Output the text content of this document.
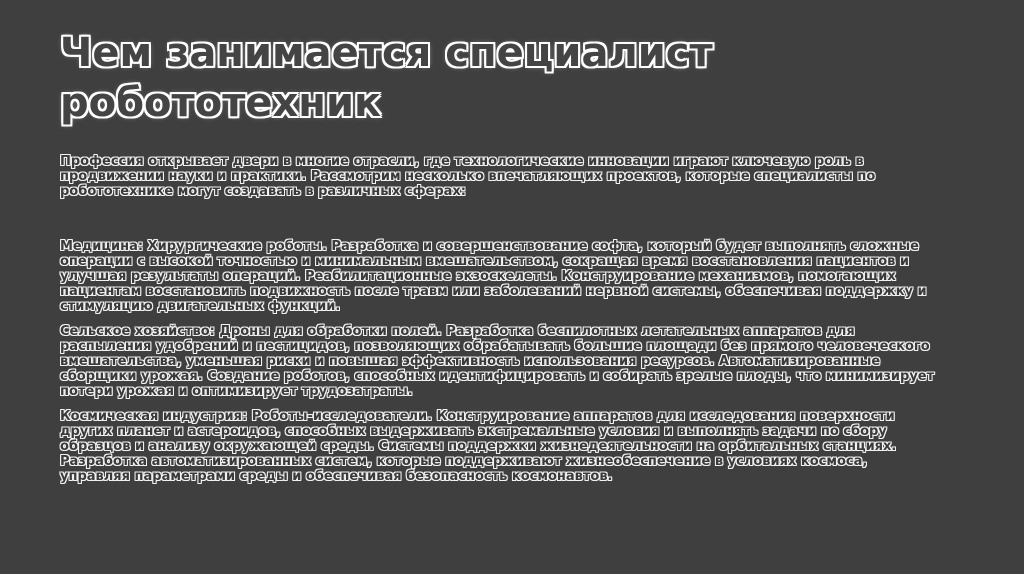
Чем занимается специалист робототехник

Профессия открывает двери в многие отрасли, где технологические инновации играют ключевую роль в продвижении науки и практики. Рассмотрим несколько впечатляющих проектов, которые специалисты по робототехнике могут создавать в различных сферах:

Медицина: Хирургические роботы. Разработка и совершенствование софта, который будет выполнять сложные операции с высокой точностью и минимальным вмешательством, сокращая время восстановления пациентов и улучшая результаты операций. Реабилитационные экзоскелеты. Конструирование механизмов, помогающих пациентам восстановить подвижность после травм или заболеваний нервной системы, обеспечивая поддержку и стимуляцию двигательных функций.

Сельское хозяйство: Дроны для обработки полей. Разработка беспилотных летательных аппаратов для распыления удобрений и пестицидов, позволяющих обрабатывать большие площади без прямого человеческого вмешательства, уменьшая риски и повышая эффективность использования ресурсов. Автоматизированные сборщики урожая. Создание роботов, способных идентифицировать и собирать зрелые плоды, что минимизирует потери урожая и оптимизирует трудозатраты.

Космическая индустрия: Роботы-исследователи. Конструирование аппаратов для исследования поверхности других планет и астероидов, способных выдерживать экстремальные условия и выполнять задачи по сбору образцов и анализу окружающей среды. Системы поддержки жизнедеятельности на орбитальных станциях. Разработка автоматизированных систем, которые поддерживают жизнеобеспечение в условиях космоса, управляя параметрами среды и обеспечивая безопасность космонавтов.
